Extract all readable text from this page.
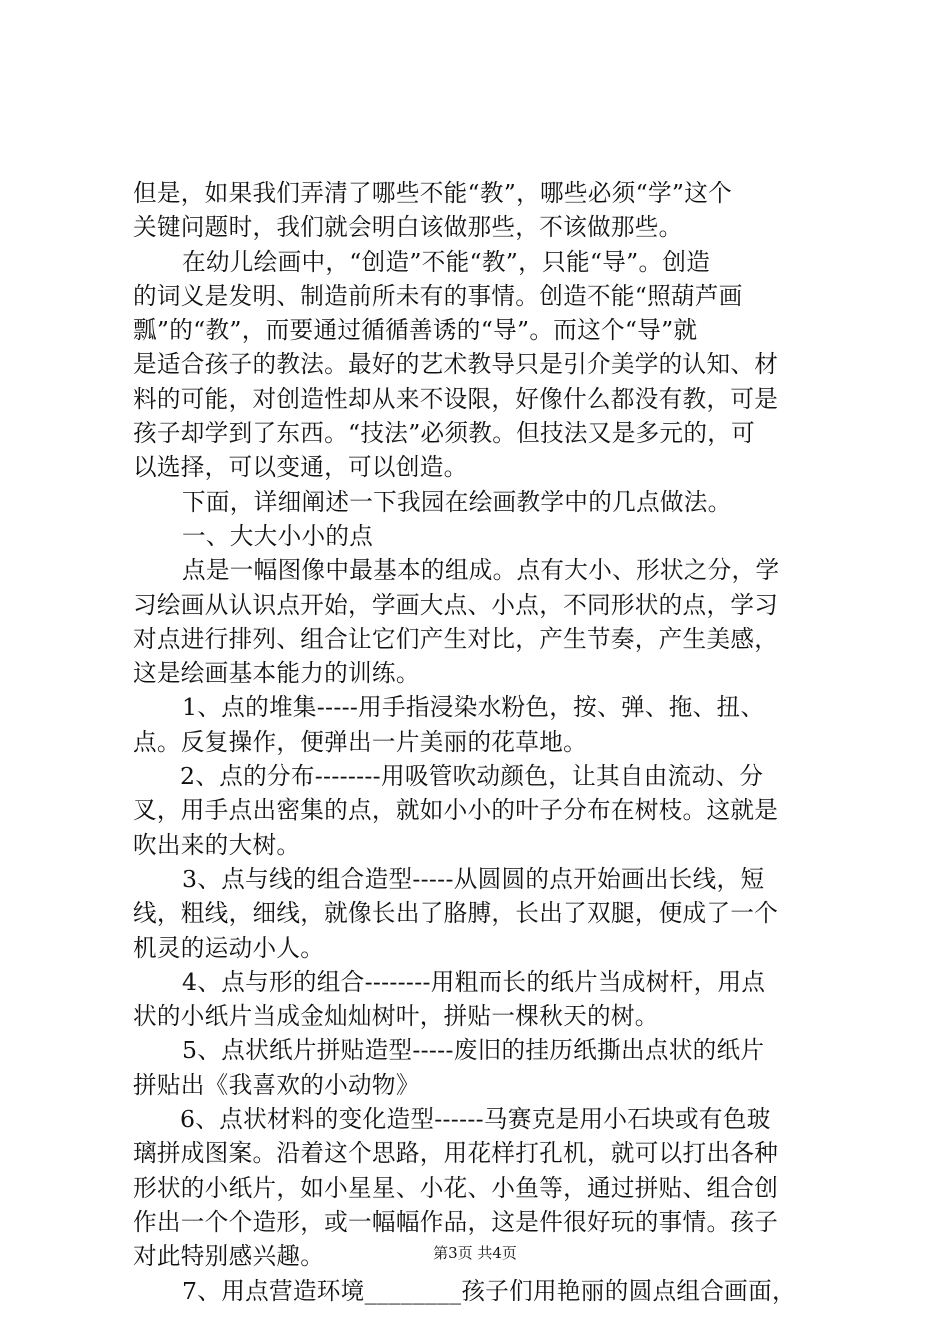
但是，如果我们弄清了哪些不能“教”，哪些必须“学”这个
关键问题时，我们就会明白该做那些，不该做那些。
在幼儿绘画中，“创造”不能“教”，只能“导”。创造
的词义是发明、制造前所未有的事情。创造不能“照葫芦画
瓢”的“教”，而要通过循循善诱的“导”。而这个“导”就
是适合孩子的教法。最好的艺术教导只是引介美学的认知、材
料的可能，对创造性却从来不设限，好像什么都没有教，可是
孩子却学到了东西。“技法”必须教。但技法又是多元的，可
以选择，可以变通，可以创造。
下面，详细阐述一下我园在绘画教学中的几点做法。
一、大大小小的点
点是一幅图像中最基本的组成。点有大小、形状之分，学
习绘画从认识点开始，学画大点、小点，不同形状的点，学习
对点进行排列、组合让它们产生对比，产生节奏，产生美感，
这是绘画基本能力的训练。
1、点的堆集-----用手指浸染水粉色，按、弹、拖、扭、
点。反复操作，便弹出一片美丽的花草地。
2、点的分布--------用吸管吹动颜色，让其自由流动、分
叉，用手点出密集的点，就如小小的叶子分布在树枝。这就是
吹出来的大树。
3、点与线的组合造型-----从圆圆的点开始画出长线，短
线，粗线，细线，就像长出了胳膊，长出了双腿，便成了一个
机灵的运动小人。
4、点与形的组合--------用粗而长的纸片当成树杆，用点
状的小纸片当成金灿灿树叶，拼贴一棵秋天的树。
5、点状纸片拼贴造型-----废旧的挂历纸撕出点状的纸片
拼贴出《我喜欢的小动物》
6、点状材料的变化造型------马赛克是用小石块或有色玻
璃拼成图案。沿着这个思路，用花样打孔机，就可以打出各种
形状的小纸片，如小星星、小花、小鱼等，通过拼贴、组合创
作出一个个造形，或一幅幅作品，这是件很好玩的事情。孩子
对此特别感兴趣。
7、用点营造环境________孩子们用艳丽的圆点组合画面，
第3页 共4页
